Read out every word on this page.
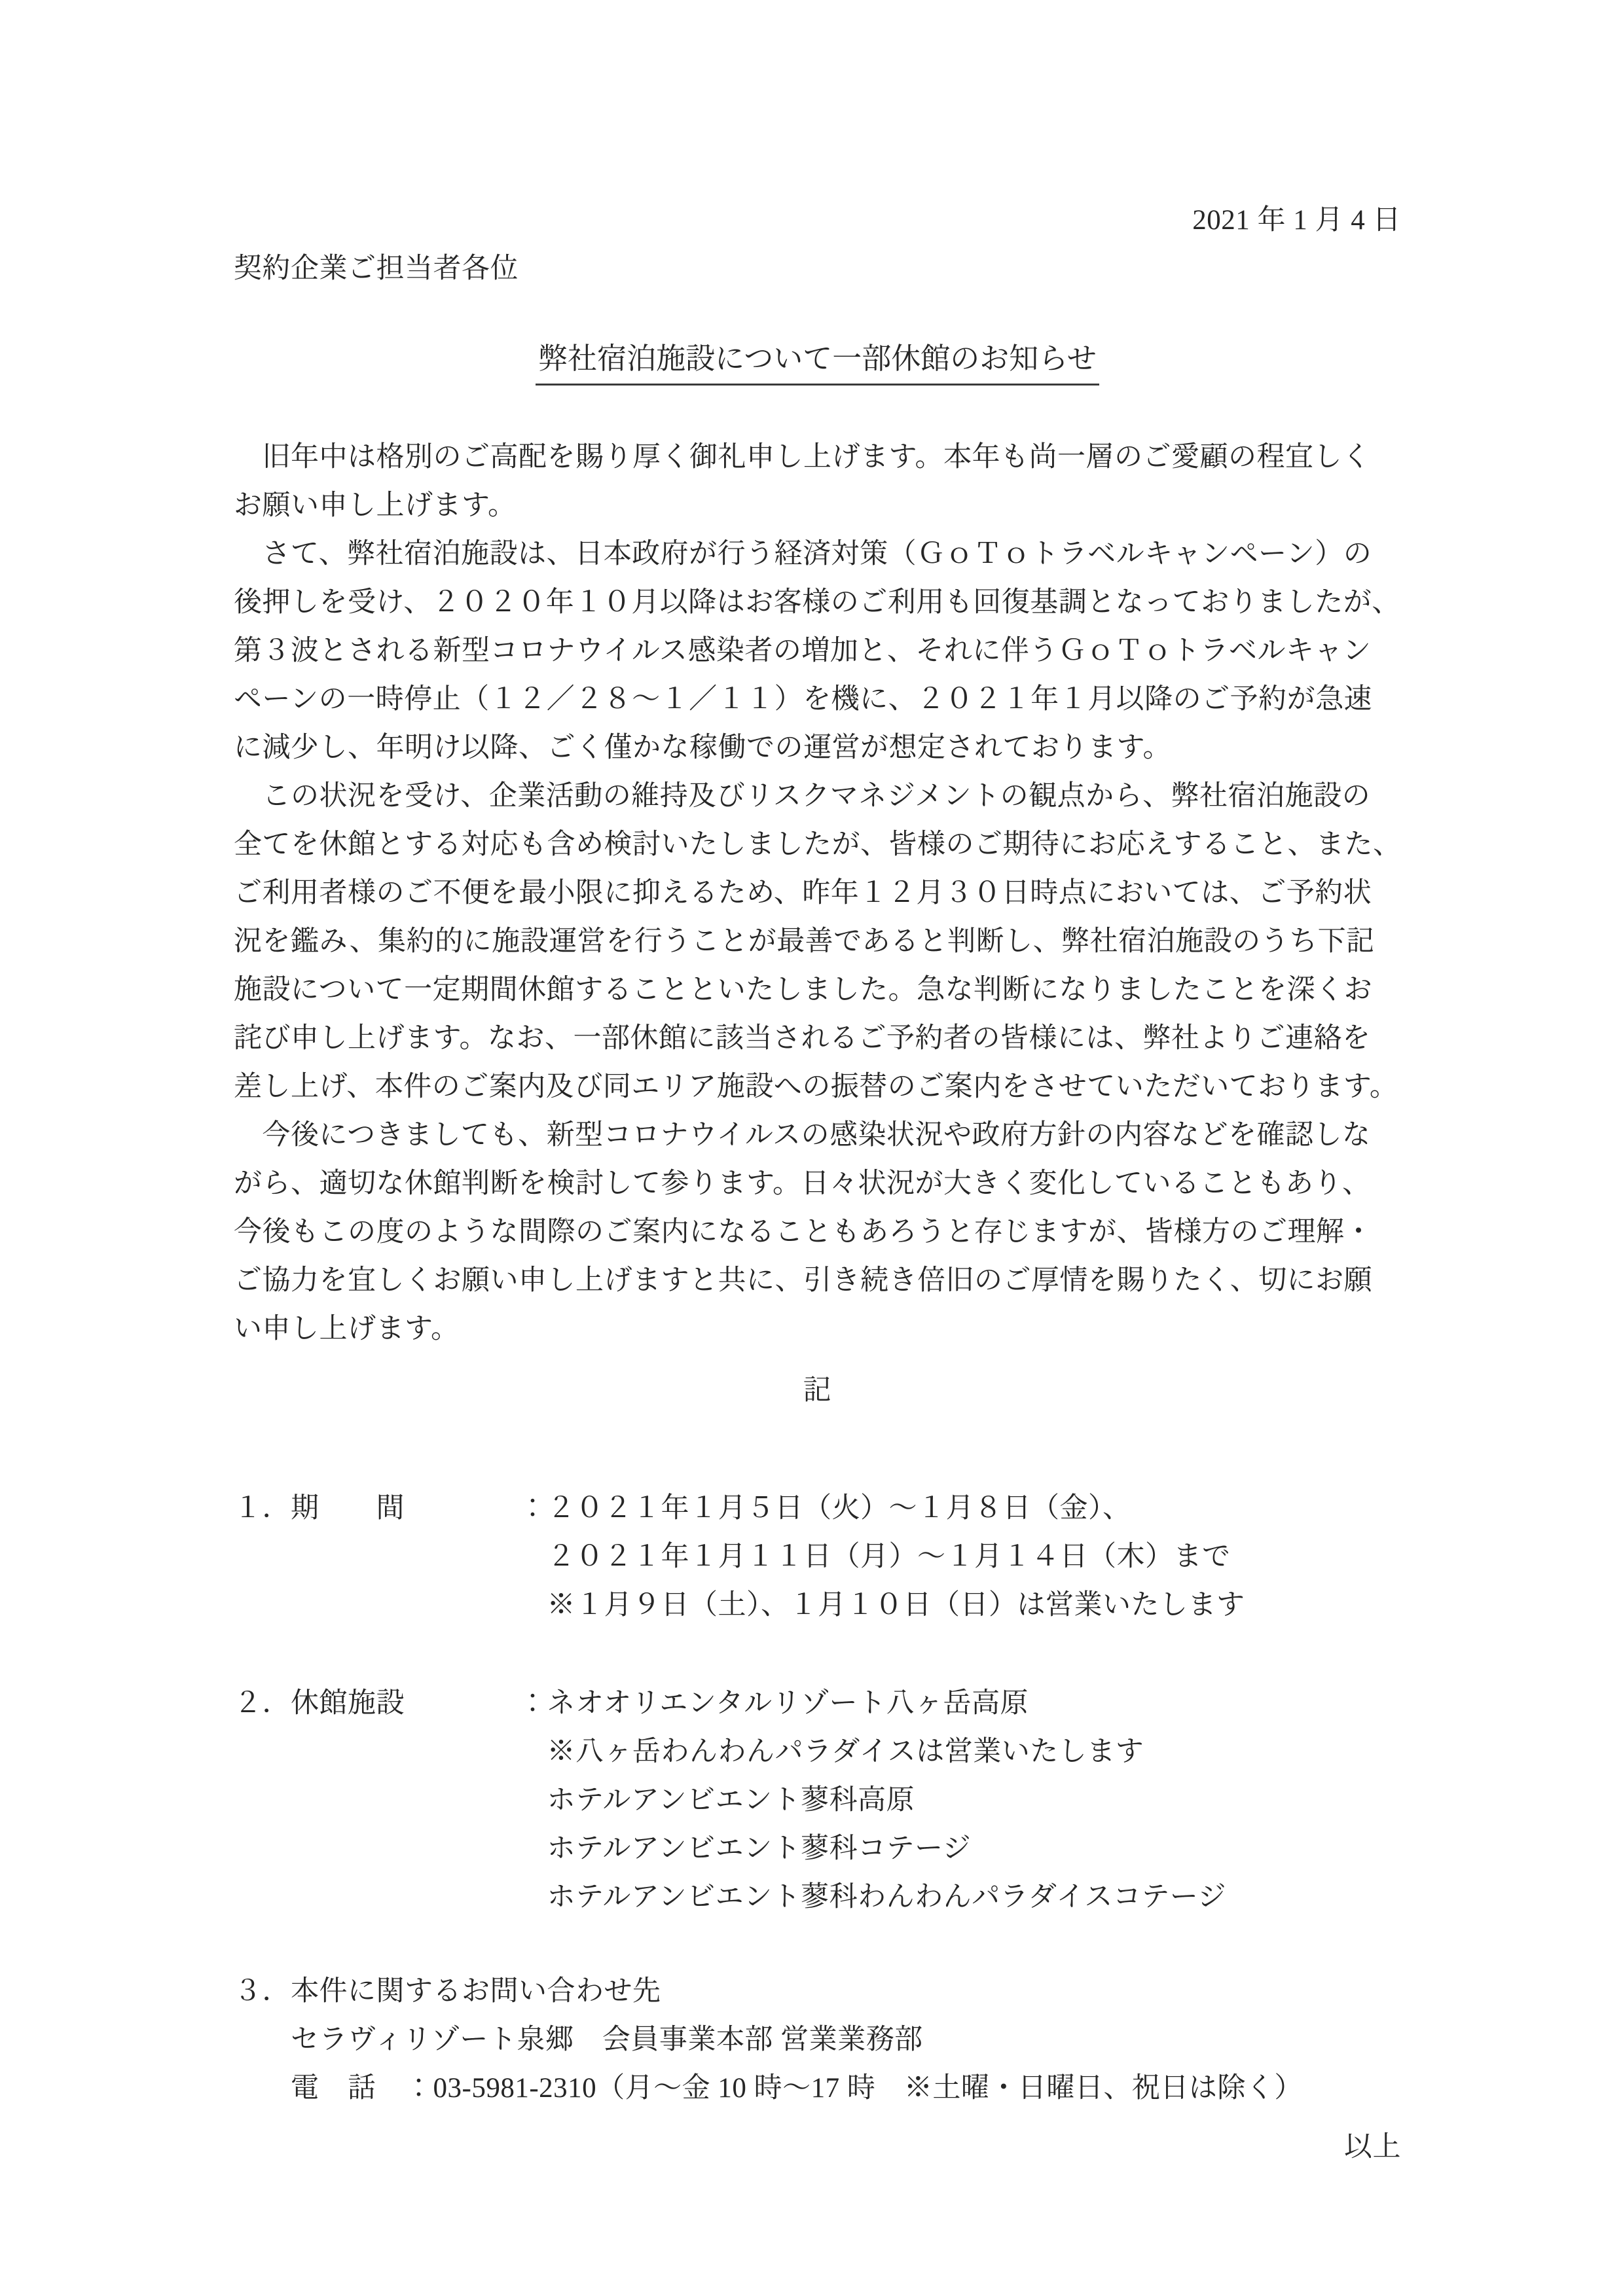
2021 年 1 月 4 日
契約企業ご担当者各位
弊社宿泊施設について一部休館のお知らせ
　旧年中は格別のご高配を賜り厚く御礼申し上げます。本年も尚一層のご愛顧の程宜しく
お願い申し上げます。
　さて、弊社宿泊施設は、日本政府が行う経済対策（ＧｏＴｏトラベルキャンペーン）の
後押しを受け、２０２０年１０月以降はお客様のご利用も回復基調となっておりましたが、
第３波とされる新型コロナウイルス感染者の増加と、それに伴うＧｏＴｏトラベルキャン
ペーンの一時停止（１２／２８～１／１１）を機に、２０２１年１月以降のご予約が急速
に減少し、年明け以降、ごく僅かな稼働での運営が想定されております。
　この状況を受け、企業活動の維持及びリスクマネジメントの観点から、弊社宿泊施設の
全てを休館とする対応も含め検討いたしましたが、皆様のご期待にお応えすること、また、
ご利用者様のご不便を最小限に抑えるため、昨年１２月３０日時点においては、ご予約状
況を鑑み、集約的に施設運営を行うことが最善であると判断し、弊社宿泊施設のうち下記
施設について一定期間休館することといたしました。急な判断になりましたことを深くお
詫び申し上げます。なお、一部休館に該当されるご予約者の皆様には、弊社よりご連絡を
差し上げ、本件のご案内及び同エリア施設への振替のご案内をさせていただいております。
　今後につきましても、新型コロナウイルスの感染状況や政府方針の内容などを確認しな
がら、適切な休館判断を検討して参ります。日々状況が大きく変化していることもあり、
今後もこの度のような間際のご案内になることもあろうと存じますが、皆様方のご理解・
ご協力を宜しくお願い申し上げますと共に、引き続き倍旧のご厚情を賜りたく、切にお願
い申し上げます。
記
１．期　　間　　　　：２０２１年１月５日（火）～１月８日（金）、
　　　　　　　　　　　２０２１年１月１１日（月）～１月１４日（木）まで
　　　　　　　　　　　※１月９日（土）、１月１０日（日）は営業いたします
２．休館施設　　　　：ネオオリエンタルリゾート八ヶ岳高原
　　　　　　　　　　　※八ヶ岳わんわんパラダイスは営業いたします
　　　　　　　　　　　ホテルアンビエント蓼科高原
　　　　　　　　　　　ホテルアンビエント蓼科コテージ
　　　　　　　　　　　ホテルアンビエント蓼科わんわんパラダイスコテージ
３．本件に関するお問い合わせ先
　　セラヴィリゾート泉郷　会員事業本部 営業業務部
　　電　話　：03-5981-2310（月～金 10 時～17 時　※土曜・日曜日、祝日は除く）
以上
